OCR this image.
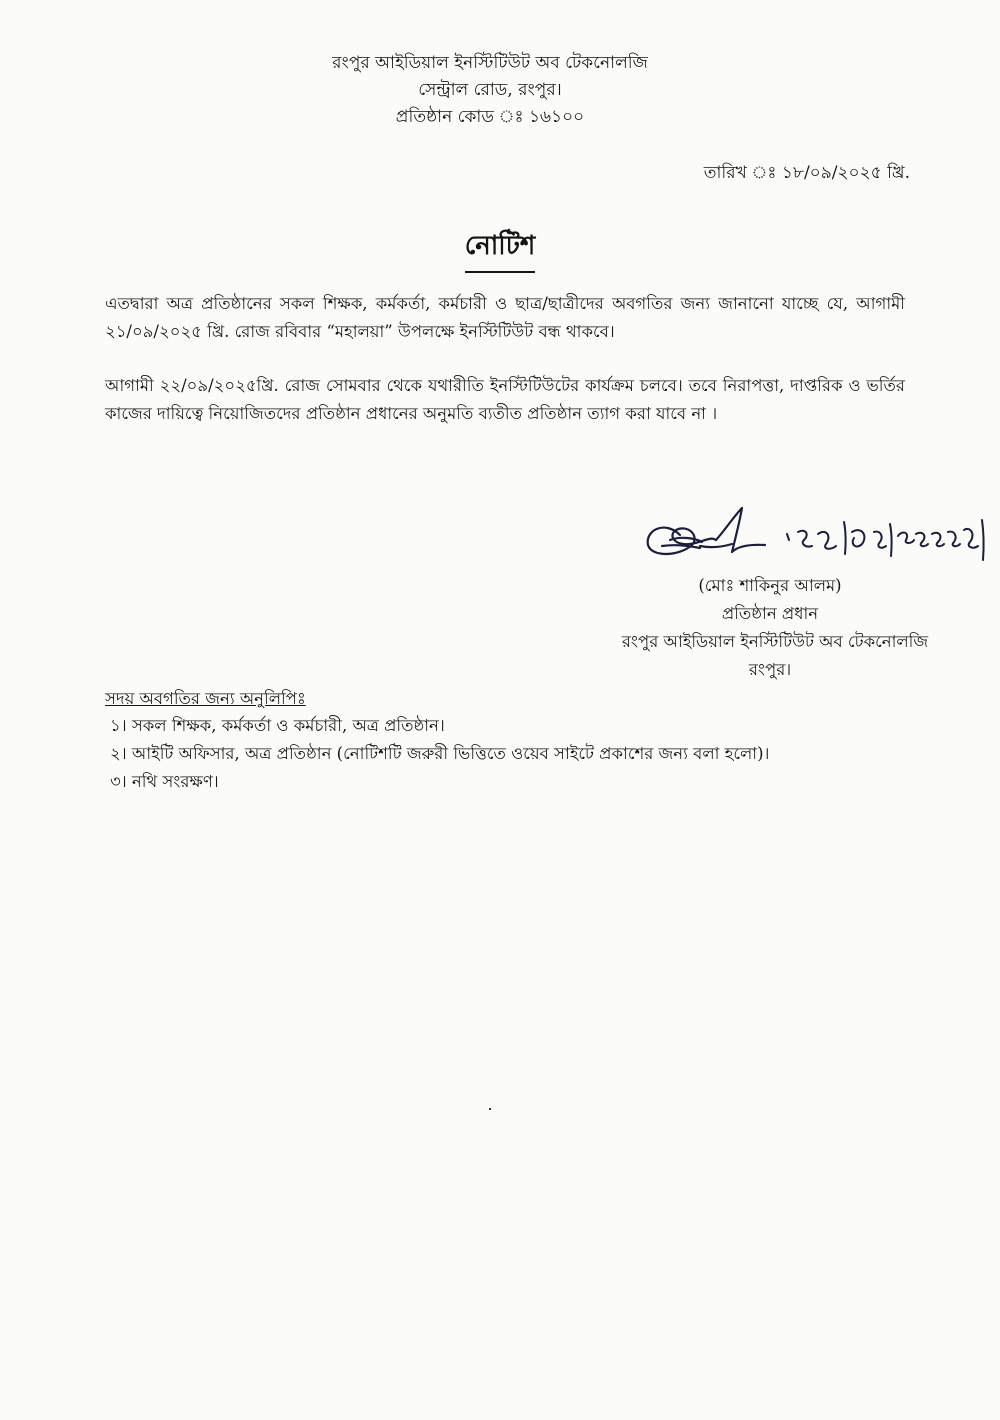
রংপুর আইডিয়াল ইনস্টিটিউট অব টেকনোলজি
সেন্ট্রাল রোড, রংপুর।
প্রতিষ্ঠান কোড ঃ ১৬১০০
তারিখ ঃ ১৮/০৯/২০২৫ খ্রি.
নোটিশ
এতদ্বারা অত্র প্রতিষ্ঠানের সকল শিক্ষক, কর্মকর্তা, কর্মচারী ও ছাত্র/ছাত্রীদের অবগতির জন্য জানানো যাচ্ছে যে, আগামী ২১/০৯/২০২৫ খ্রি. রোজ রবিবার “মহালয়া” উপলক্ষে ইনস্টিটিউট বন্ধ থাকবে।
আগামী ২২/০৯/২০২৫খ্রি. রোজ সোমবার থেকে যথারীতি ইনস্টিটিউটের কার্যক্রম চলবে। তবে নিরাপত্তা, দাপ্তরিক ও ভর্তির কাজের দায়িত্বে নিয়োজিতদের প্রতিষ্ঠান প্রধানের অনুমতি ব্যতীত প্রতিষ্ঠান ত্যাগ করা যাবে না ।
(মোঃ শাকিনুর আলম)
প্রতিষ্ঠান প্রধান
রংপুর আইডিয়াল ইনস্টিটিউট অব টেকনোলজি
রংপুর।
সদয় অবগতির জন্য অনুলিপিঃ
১। সকল শিক্ষক, কর্মকর্তা ও কর্মচারী, অত্র প্রতিষ্ঠান।
২। আইটি অফিসার, অত্র প্রতিষ্ঠান (নোটিশটি জরুরী ভিত্তিতে ওয়েব সাইটে প্রকাশের জন্য বলা হলো)।
৩। নথি সংরক্ষণ।
